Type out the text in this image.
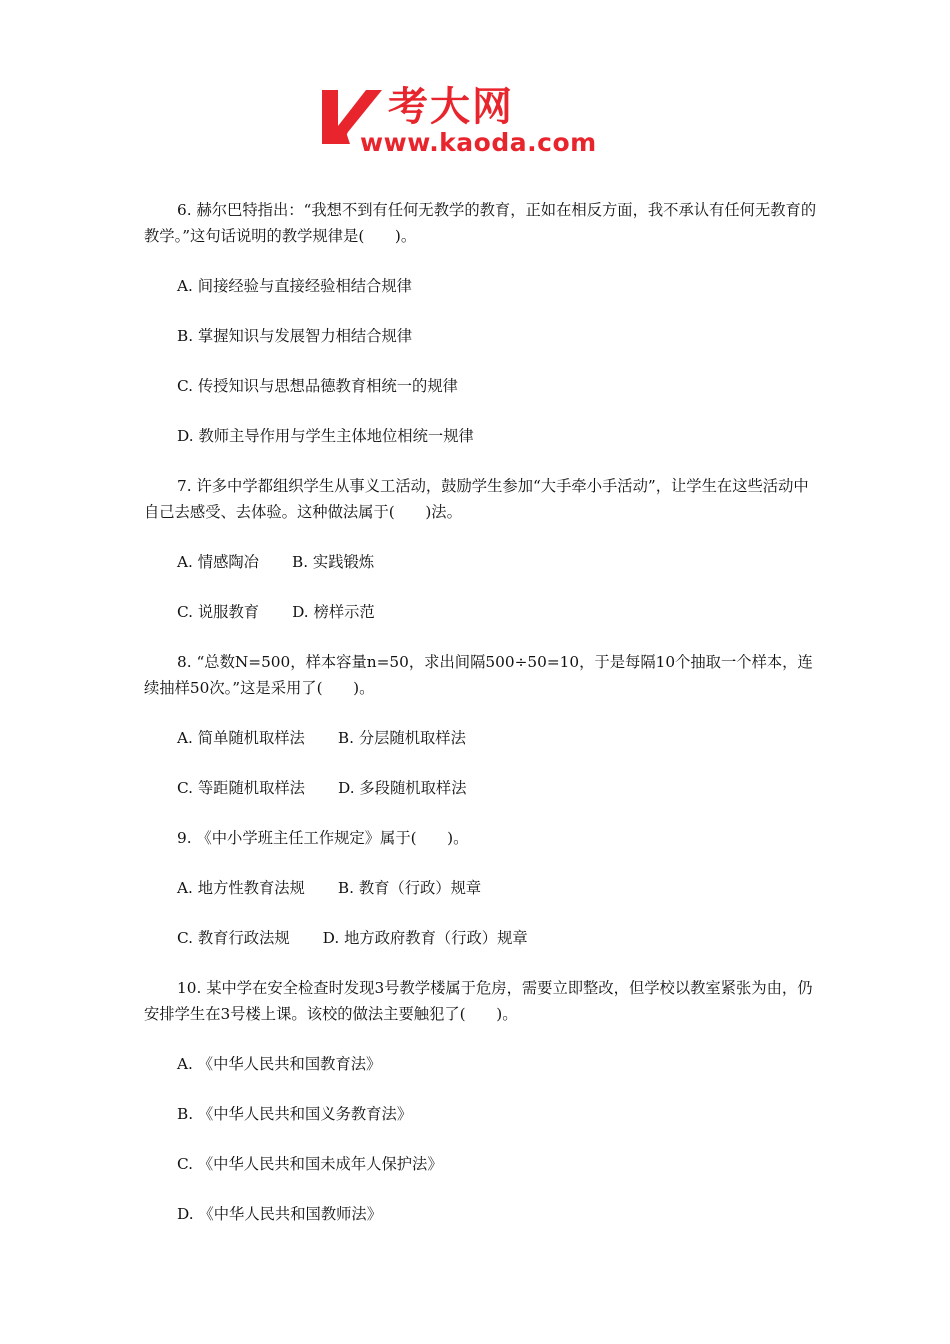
考大网
www.kaoda.com

6. 赫尔巴特指出：“我想不到有任何无教学的教育，正如在相反方面，我不承认有任何无教育的教学。”这句话说明的教学规律是(　　)。

A. 间接经验与直接经验相结合规律

B. 掌握知识与发展智力相结合规律

C. 传授知识与思想品德教育相统一的规律

D. 教师主导作用与学生主体地位相统一规律

7. 许多中学都组织学生从事义工活动，鼓励学生参加“大手牵小手活动”，让学生在这些活动中自己去感受、去体验。这种做法属于(　　)法。

A. 情感陶冶 B. 实践锻炼

C. 说服教育 D. 榜样示范

8. “总数N=500，样本容量n=50，求出间隔500÷50=10，于是每隔10个抽取一个样本，连续抽样50次。”这是采用了(　　)。

A. 简单随机取样法 B. 分层随机取样法

C. 等距随机取样法 D. 多段随机取样法

9. 《中小学班主任工作规定》属于(　　)。

A. 地方性教育法规 B. 教育（行政）规章

C. 教育行政法规 D. 地方政府教育（行政）规章

10. 某中学在安全检查时发现3号教学楼属于危房，需要立即整改，但学校以教室紧张为由，仍安排学生在3号楼上课。该校的做法主要触犯了(　　)。

A. 《中华人民共和国教育法》

B. 《中华人民共和国义务教育法》

C. 《中华人民共和国未成年人保护法》

D. 《中华人民共和国教师法》
